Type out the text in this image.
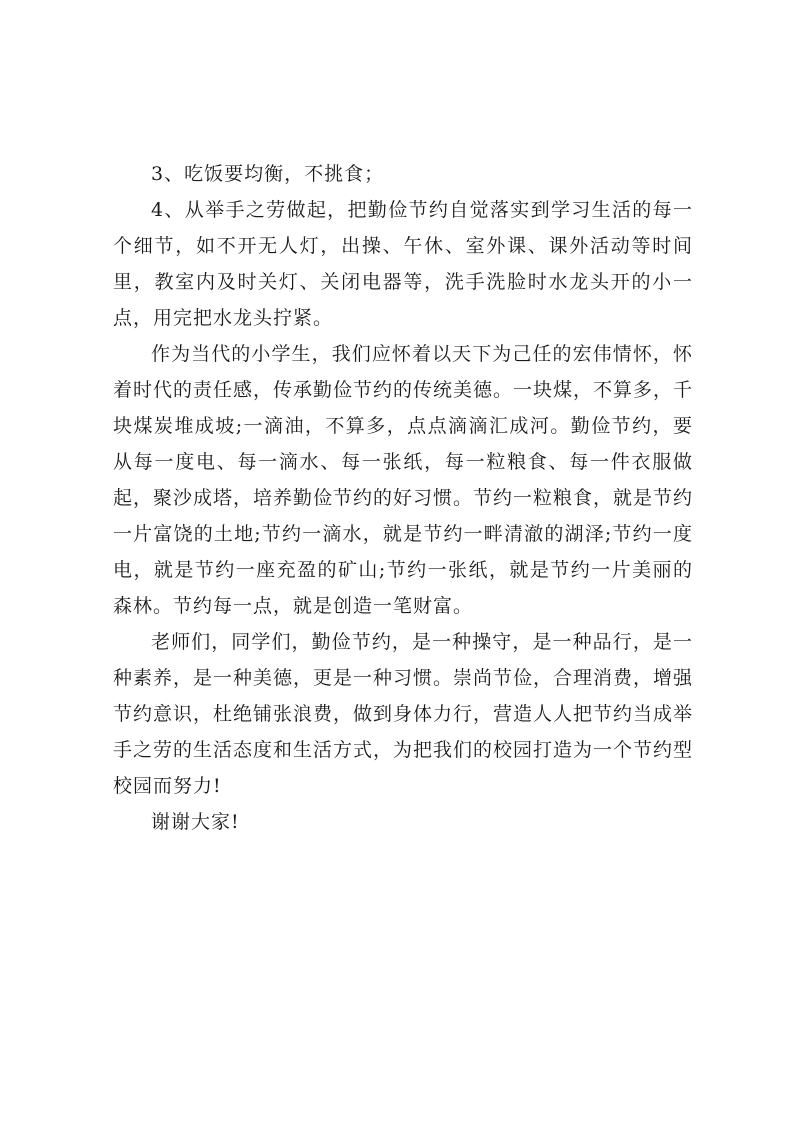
3、吃饭要均衡，不挑食；

4、从举手之劳做起，把勤俭节约自觉落实到学习生活的每一个细节，如不开无人灯，出操、午休、室外课、课外活动等时间里，教室内及时关灯、关闭电器等，洗手洗脸时水龙头开的小一点，用完把水龙头拧紧。

作为当代的小学生，我们应怀着以天下为己任的宏伟情怀，怀着时代的责任感，传承勤俭节约的传统美德。一块煤，不算多，千块煤炭堆成坡;一滴油，不算多，点点滴滴汇成河。勤俭节约，要从每一度电、每一滴水、每一张纸，每一粒粮食、每一件衣服做起，聚沙成塔，培养勤俭节约的好习惯。节约一粒粮食，就是节约一片富饶的土地;节约一滴水，就是节约一畔清澈的湖泽;节约一度电，就是节约一座充盈的矿山;节约一张纸，就是节约一片美丽的森林。节约每一点，就是创造一笔财富。

老师们，同学们，勤俭节约，是一种操守，是一种品行，是一种素养，是一种美德，更是一种习惯。崇尚节俭，合理消费，增强节约意识，杜绝铺张浪费，做到身体力行，营造人人把节约当成举手之劳的生活态度和生活方式，为把我们的校园打造为一个节约型校园而努力!

谢谢大家!
